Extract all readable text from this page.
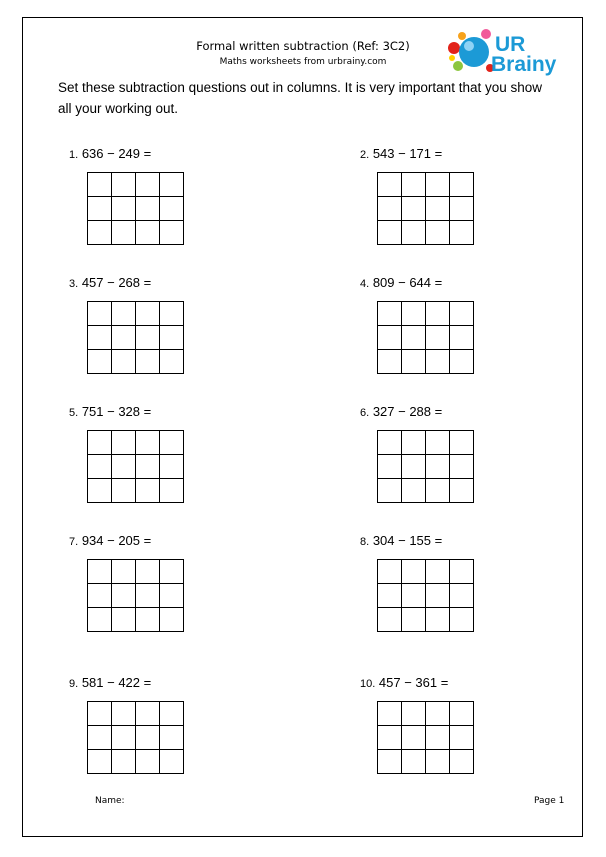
Formal written subtraction (Ref: 3C2)
Maths worksheets from urbrainy.com
UR
Brainy
Set these subtraction questions out in columns. It is very important that you show all your working out.
1. 636 − 249 =	2. 543 − 171 =
3. 457 − 268 =	4. 809 − 644 =
5. 751 − 328 =	6. 327 − 288 =
7. 934 − 205 =	8. 304 − 155 =
9. 581 − 422 =	10. 457 − 361 =
Name:	Page 1
